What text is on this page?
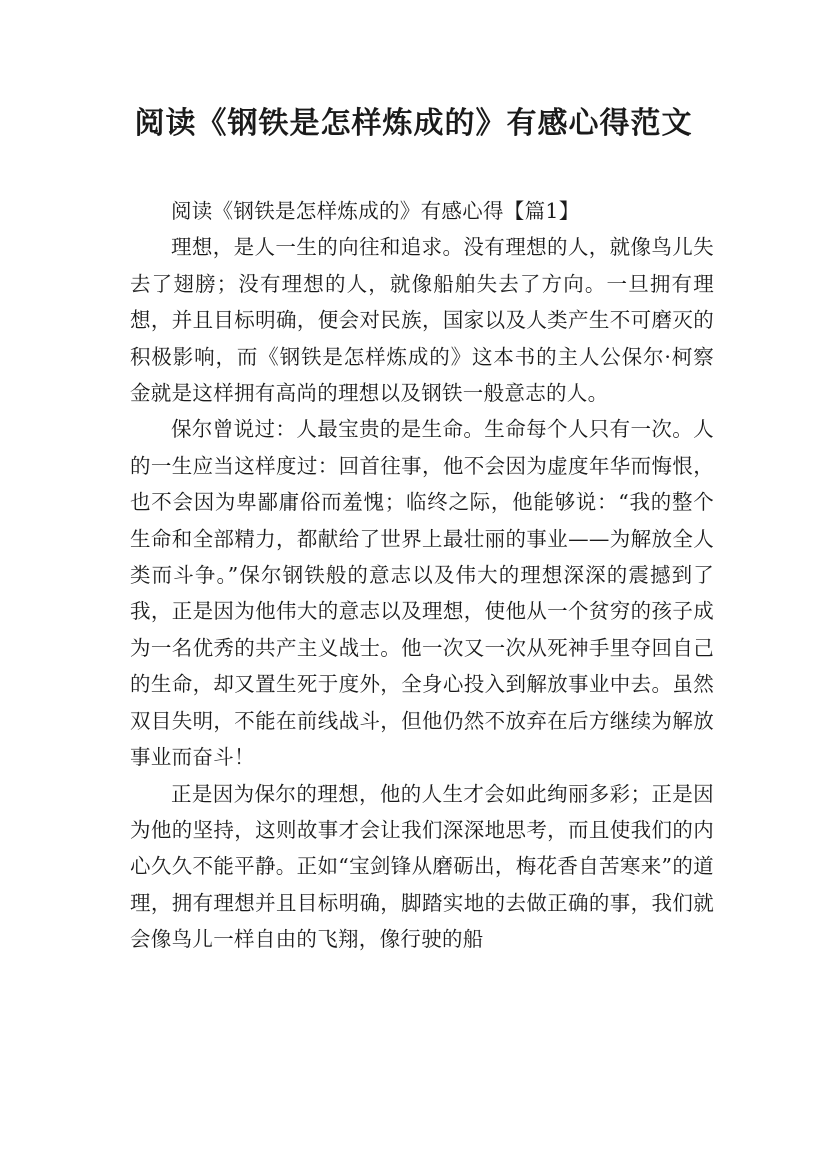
阅读《钢铁是怎样炼成的》有感心得范文

阅读《钢铁是怎样炼成的》有感心得【篇1】

理想，是人一生的向往和追求。没有理想的人，就像鸟儿失去了翅膀；没有理想的人，就像船舶失去了方向。一旦拥有理想，并且目标明确，便会对民族，国家以及人类产生不可磨灭的积极影响，而《钢铁是怎样炼成的》这本书的主人公保尔·柯察金就是这样拥有高尚的理想以及钢铁一般意志的人。

保尔曾说过：人最宝贵的是生命。生命每个人只有一次。人的一生应当这样度过：回首往事，他不会因为虚度年华而悔恨，也不会因为卑鄙庸俗而羞愧；临终之际，他能够说：“我的整个生命和全部精力，都献给了世界上最壮丽的事业——为解放全人类而斗争。”保尔钢铁般的意志以及伟大的理想深深的震撼到了我，正是因为他伟大的意志以及理想，使他从一个贫穷的孩子成为一名优秀的共产主义战士。他一次又一次从死神手里夺回自己的生命，却又置生死于度外，全身心投入到解放事业中去。虽然双目失明，不能在前线战斗，但他仍然不放弃在后方继续为解放事业而奋斗！

正是因为保尔的理想，他的人生才会如此绚丽多彩；正是因为他的坚持，这则故事才会让我们深深地思考，而且使我们的内心久久不能平静。正如“宝剑锋从磨砺出，梅花香自苦寒来”的道理，拥有理想并且目标明确，脚踏实地的去做正确的事，我们就会像鸟儿一样自由的飞翔，像行驶的船
